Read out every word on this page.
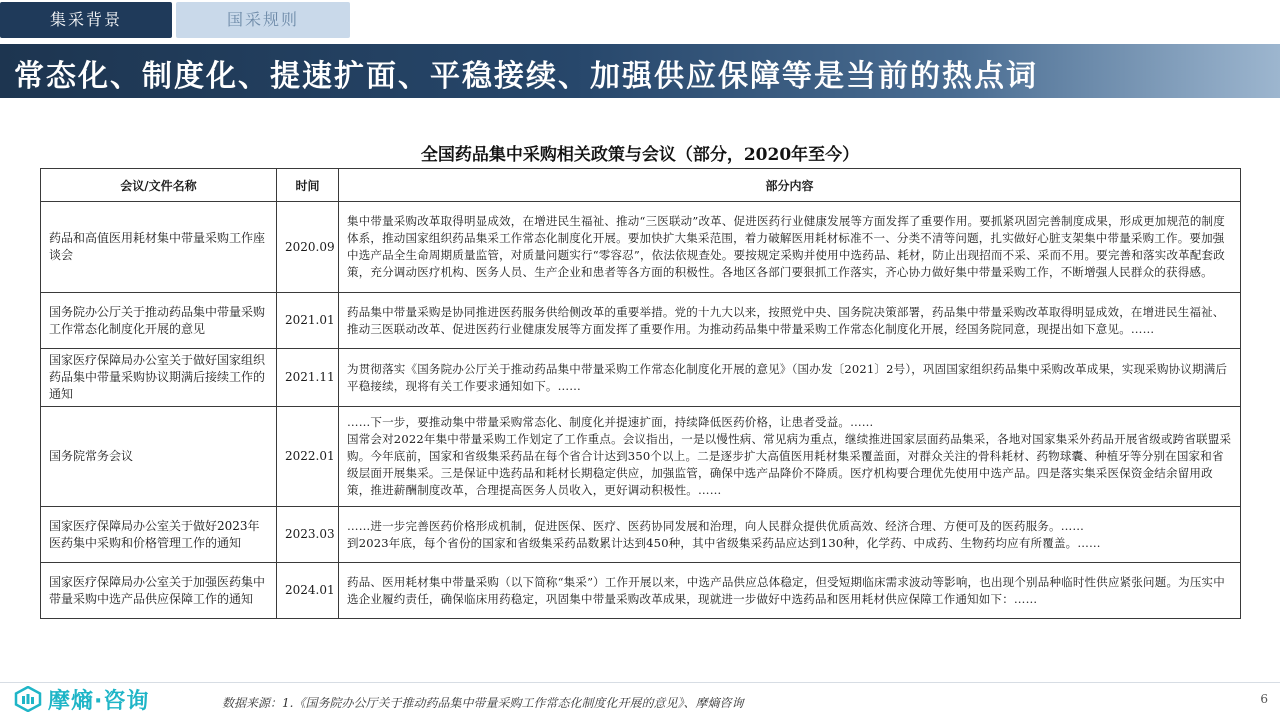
集采背景	国采规则
常态化、制度化、提速扩面、平稳接续、加强供应保障等是当前的热点词
全国药品集中采购相关政策与会议（部分，2020年至今）
会议/文件名称	时间	部分内容
药品和高值医用耗材集中带量采购工作座谈会	2020.09	集中带量采购改革取得明显成效，在增进民生福祉、推动“三医联动”改革、促进医药行业健康发展等方面发挥了重要作用。要抓紧巩固完善制度成果，形成更加规范的制度体系，推动国家组织药品集采工作常态化制度化开展。要加快扩大集采范围，着力破解医用耗材标准不一、分类不清等问题，扎实做好心脏支架集中带量采购工作。要加强中选产品全生命周期质量监管，对质量问题实行“零容忍”，依法依规查处。要按规定采购并使用中选药品、耗材，防止出现招而不采、采而不用。要完善和落实改革配套政策，充分调动医疗机构、医务人员、生产企业和患者等各方面的积极性。各地区各部门要狠抓工作落实，齐心协力做好集中带量采购工作，不断增强人民群众的获得感。

国务院办公厅关于推动药品集中带量采购工作常态化制度化开展的意见	2021.01	药品集中带量采购是协同推进医药服务供给侧改革的重要举措。党的十九大以来，按照党中央、国务院决策部署，药品集中带量采购改革取得明显成效，在增进民生福祉、推动三医联动改革、促进医药行业健康发展等方面发挥了重要作用。为推动药品集中带量采购工作常态化制度化开展，经国务院同意，现提出如下意见。……

国家医疗保障局办公室关于做好国家组织药品集中带量采购协议期满后接续工作的通知	2021.11	为贯彻落实《国务院办公厅关于推动药品集中带量采购工作常态化制度化开展的意见》（国办发〔2021〕2号），巩固国家组织药品集中采购改革成果，实现采购协议期满后平稳接续，现将有关工作要求通知如下。……

国务院常务会议	2022.01	……下一步，要推动集中带量采购常态化、制度化并提速扩面，持续降低医药价格，让患者受益。……
国常会对2022年集中带量采购工作划定了工作重点。会议指出，一是以慢性病、常见病为重点，继续推进国家层面药品集采，各地对国家集采外药品开展省级或跨省联盟采购。今年底前，国家和省级集采药品在每个省合计达到350个以上。二是逐步扩大高值医用耗材集采覆盖面，对群众关注的骨科耗材、药物球囊、种植牙等分别在国家和省级层面开展集采。三是保证中选药品和耗材长期稳定供应，加强监管，确保中选产品降价不降质。医疗机构要合理优先使用中选产品。四是落实集采医保资金结余留用政策，推进薪酬制度改革，合理提高医务人员收入，更好调动积极性。……

国家医疗保障局办公室关于做好2023年医药集中采购和价格管理工作的通知	2023.03	……进一步完善医药价格形成机制，促进医保、医疗、医药协同发展和治理，向人民群众提供优质高效、经济合理、方便可及的医药服务。……
到2023年底，每个省份的国家和省级集采药品数累计达到450种，其中省级集采药品应达到130种，化学药、中成药、生物药均应有所覆盖。……

国家医疗保障局办公室关于加强医药集中带量采购中选产品供应保障工作的通知	2024.01	药品、医用耗材集中带量采购（以下简称“集采”）工作开展以来，中选产品供应总体稳定，但受短期临床需求波动等影响，也出现个别品种临时性供应紧张问题。为压实中选企业履约责任，确保临床用药稳定，巩固集中带量采购改革成果，现就进一步做好中选药品和医用耗材供应保障工作通知如下：……
摩熵·咨询	数据来源：1.《国务院办公厅关于推动药品集中带量采购工作常态化制度化开展的意见》、摩熵咨询	6
